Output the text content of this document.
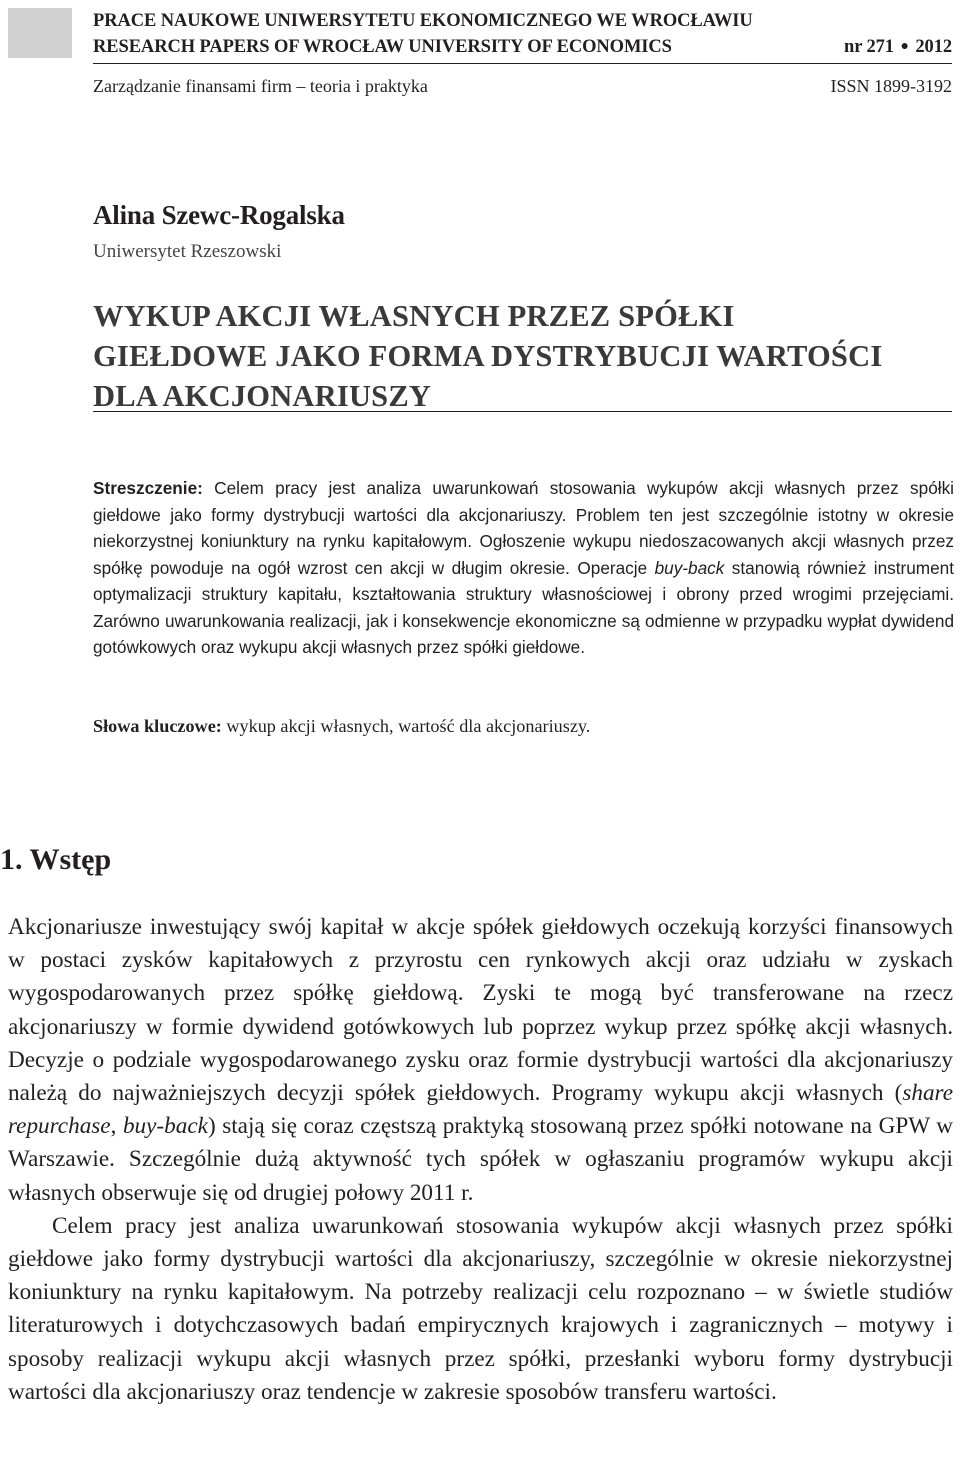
PRACE NAUKOWE UNIWERSYTETU EKONOMICZNEGO WE WROCŁAWIU
RESEARCH PAPERS OF WROCŁAW UNIVERSITY OF ECONOMICS	nr 271 ● 2012
Zarządzanie finansami firm – teoria i praktyka	ISSN 1899-3192
Alina Szewc-Rogalska
Uniwersytet Rzeszowski
WYKUP AKCJI WŁASNYCH PRZEZ SPÓŁKI
GIEŁDOWE JAKO FORMA DYSTRYBUCJI WARTOŚCI
DLA AKCJONARIUSZY
Streszczenie: Celem pracy jest analiza uwarunkowań stosowania wykupów akcji własnych przez spółki giełdowe jako formy dystrybucji wartości dla akcjonariuszy. Problem ten jest szczególnie istotny w okresie niekorzystnej koniunktury na rynku kapitałowym. Ogłoszenie wykupu niedoszacowanych akcji własnych przez spółkę powoduje na ogół wzrost cen akcji w długim okresie. Operacje buy-back stanowią również instrument optymalizacji struktury kapitału, kształtowania struktury własnościowej i obrony przed wrogimi przejęciami. Zarówno uwarunkowania realizacji, jak i konsekwencje ekonomiczne są odmienne w przypadku wypłat dywidend gotówkowych oraz wykupu akcji własnych przez spółki giełdowe.
Słowa kluczowe: wykup akcji własnych, wartość dla akcjonariuszy.
1. Wstęp

Akcjonariusze inwestujący swój kapitał w akcje spółek giełdowych oczekują korzyści finansowych w postaci zysków kapitałowych z przyrostu cen rynkowych akcji oraz udziału w zyskach wygospodarowanych przez spółkę giełdową. Zyski te mogą być transferowane na rzecz akcjonariuszy w formie dywidend gotówkowych lub poprzez wykup przez spółkę akcji własnych. Decyzje o podziale wygospodarowanego zysku oraz formie dystrybucji wartości dla akcjonariuszy należą do najważniejszych decyzji spółek giełdowych. Programy wykupu akcji własnych (share repurchase, buy-back) stają się coraz częstszą praktyką stosowaną przez spółki notowane na GPW w Warszawie. Szczególnie dużą aktywność tych spółek w ogłaszaniu programów wykupu akcji własnych obserwuje się od drugiej połowy 2011 r.

Celem pracy jest analiza uwarunkowań stosowania wykupów akcji własnych przez spółki giełdowe jako formy dystrybucji wartości dla akcjonariuszy, szczególnie w okresie niekorzystnej koniunktury na rynku kapitałowym. Na potrzeby realizacji celu rozpoznano – w świetle studiów literaturowych i dotychczasowych badań empirycznych krajowych i zagranicznych – motywy i sposoby realizacji wykupu akcji własnych przez spółki, przesłanki wyboru formy dystrybucji wartości dla akcjonariuszy oraz tendencje w zakresie sposobów transferu wartości.
